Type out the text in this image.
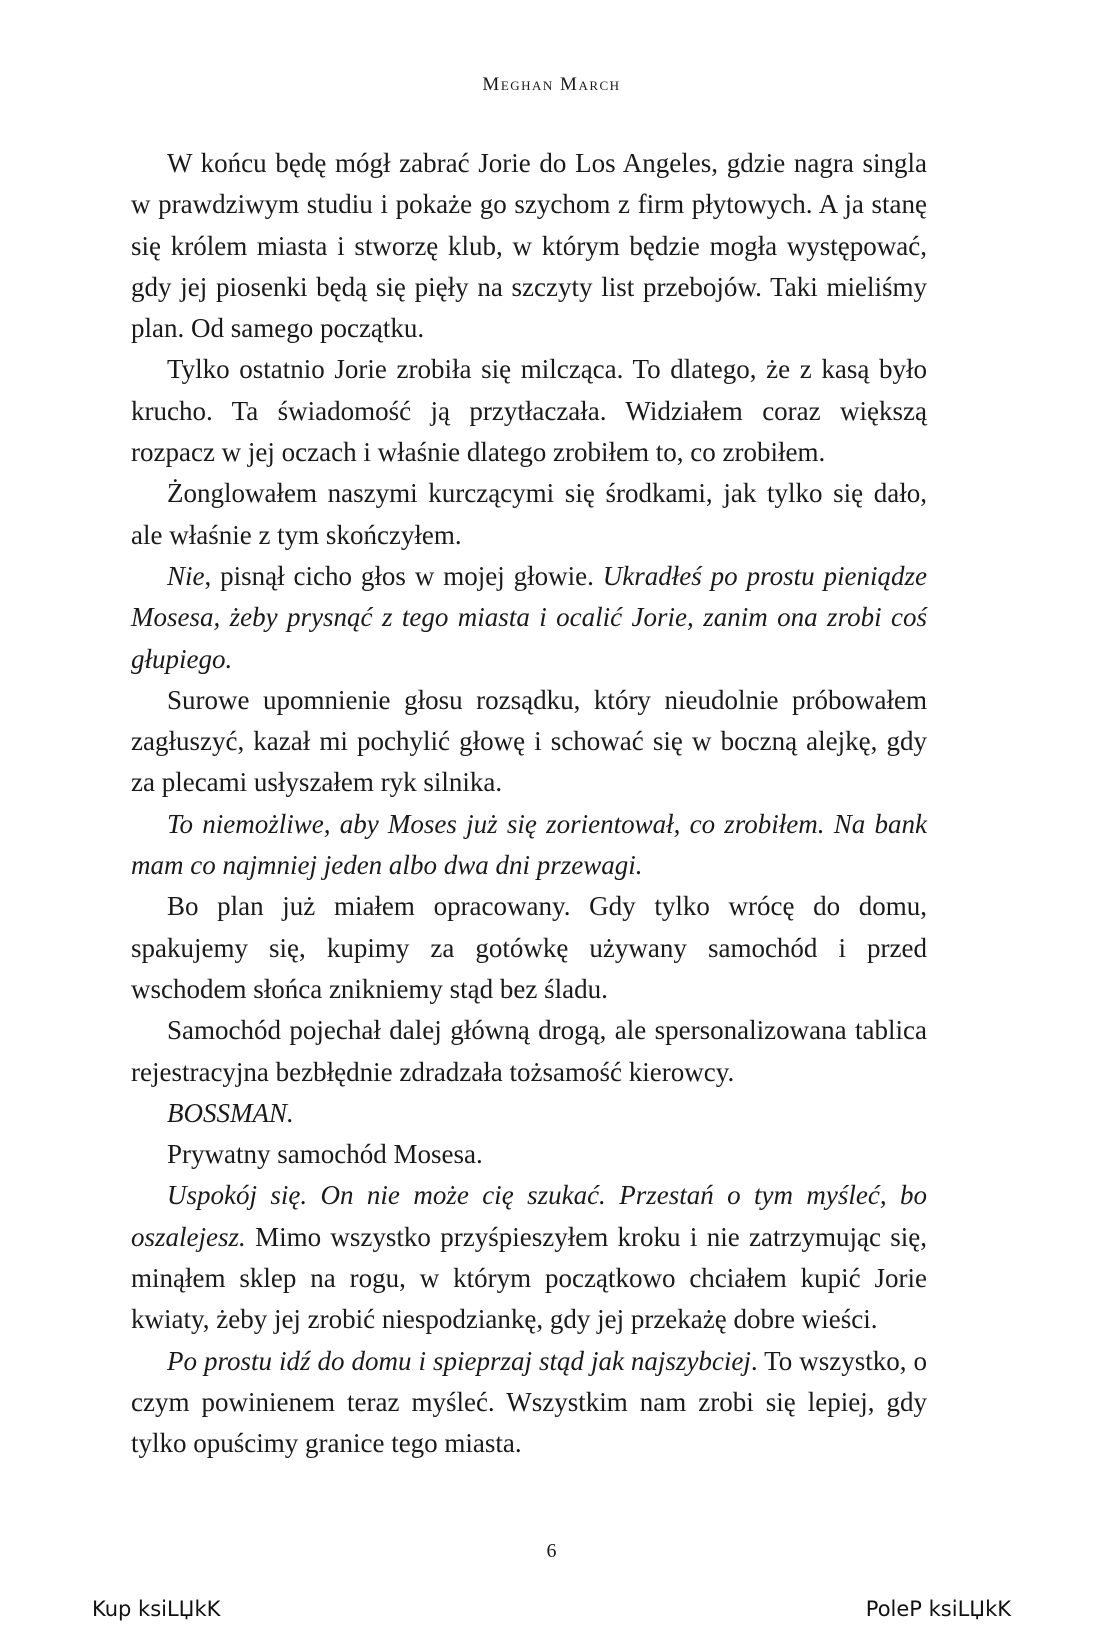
Meghan March

W końcu będę mógł zabrać Jorie do Los Angeles, gdzie nagra singla w prawdziwym studiu i pokaże go szychom z firm płytowych. A ja stanę się królem miasta i stworzę klub, w którym będzie mogła występować, gdy jej piosenki będą się pięły na szczyty list przebojów. Taki mieliśmy plan. Od samego początku.

Tylko ostatnio Jorie zrobiła się milcząca. To dlatego, że z kasą było krucho. Ta świadomość ją przytłaczała. Widziałem coraz większą rozpacz w jej oczach i właśnie dlatego zrobiłem to, co zrobiłem.

Żonglowałem naszymi kurczącymi się środkami, jak tylko się dało, ale właśnie z tym skończyłem.

Nie, pisnął cicho głos w mojej głowie. Ukradłeś po prostu pieniądze Mosesa, żeby prysnąć z tego miasta i ocalić Jorie, zanim ona zrobi coś głupiego.

Surowe upomnienie głosu rozsądku, który nieudolnie próbowałem zagłuszyć, kazał mi pochylić głowę i schować się w boczną alejkę, gdy za plecami usłyszałem ryk silnika.

To niemożliwe, aby Moses już się zorientował, co zrobiłem. Na bank mam co najmniej jeden albo dwa dni przewagi.

Bo plan już miałem opracowany. Gdy tylko wrócę do domu, spakujemy się, kupimy za gotówkę używany samochód i przed wschodem słońca znikniemy stąd bez śladu.

Samochód pojechał dalej główną drogą, ale spersonalizowana tablica rejestracyjna bezbłędnie zdradzała tożsamość kierowcy.

BOSSMAN.

Prywatny samochód Mosesa.

Uspokój się. On nie może cię szukać. Przestań o tym myśleć, bo oszalejesz. Mimo wszystko przyśpieszyłem kroku i nie zatrzymując się, minąłem sklep na rogu, w którym początkowo chciałem kupić Jorie kwiaty, żeby jej zrobić niespodziankę, gdy jej przekażę dobre wieści.

Po prostu idź do domu i spieprzaj stąd jak najszybciej. To wszystko, o czym powinienem teraz myśleć. Wszystkim nam zrobi się lepiej, gdy tylko opuścimy granice tego miasta.

6
Kup ksiLЏkK	PoleP ksiLЏkK
